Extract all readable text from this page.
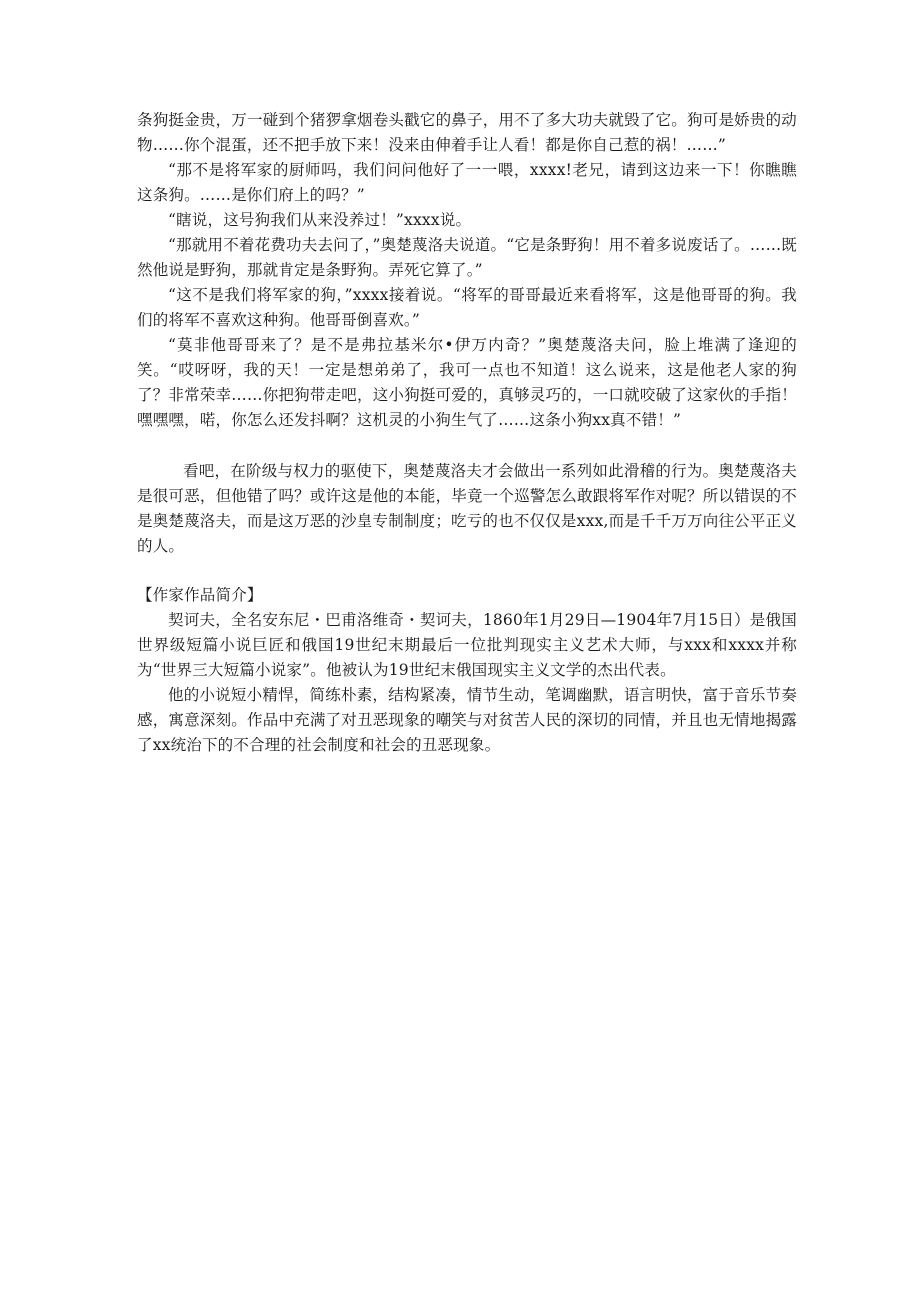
条狗挺金贵，万一碰到个猪猡拿烟卷头戳它的鼻子，用不了多大功夫就毁了它。狗可是娇贵的动物……你个混蛋，还不把手放下来！没来由伸着手让人看！都是你自己惹的祸！……”

“那不是将军家的厨师吗，我们问问他好了一一喂，xxxx!老兄，请到这边来一下！你瞧瞧这条狗。……是你们府上的吗？”

“瞎说，这号狗我们从来没养过！”xxxx说。

“那就用不着花费功夫去问了，”奥楚蔑洛夫说道。“它是条野狗！用不着多说废话了。……既然他说是野狗，那就肯定是条野狗。弄死它算了。”

“这不是我们将军家的狗，”xxxx接着说。“将军的哥哥最近来看将军，这是他哥哥的狗。我们的将军不喜欢这种狗。他哥哥倒喜欢。”

“莫非他哥哥来了？是不是弗拉基米尔•伊万内奇？”奥楚蔑洛夫问，脸上堆满了逢迎的笑。“哎呀呀，我的天！一定是想弟弟了，我可一点也不知道！这么说来，这是他老人家的狗了？非常荣幸……你把狗带走吧，这小狗挺可爱的，真够灵巧的，一口就咬破了这家伙的手指！嘿嘿嘿，喏，你怎么还发抖啊？这机灵的小狗生气了……这条小狗xx真不错！”

看吧，在阶级与权力的驱使下，奥楚蔑洛夫才会做出一系列如此滑稽的行为。奥楚蔑洛夫是很可恶，但他错了吗？或许这是他的本能，毕竟一个巡警怎么敢跟将军作对呢？所以错误的不是奥楚蔑洛夫，而是这万恶的沙皇专制制度；吃亏的也不仅仅是xxx,而是千千万万向往公平正义的人。

【作家作品简介】

契诃夫，全名安东尼・巴甫洛维奇・契诃夫，1860年1月29日—1904年7月15日）是俄国世界级短篇小说巨匠和俄国19世纪末期最后一位批判现实主义艺术大师，与xxx和xxxx并称为“世界三大短篇小说家”。他被认为19世纪末俄国现实主义文学的杰出代表。

他的小说短小精悍，简练朴素，结构紧凑，情节生动，笔调幽默，语言明快，富于音乐节奏感，寓意深刻。作品中充满了对丑恶现象的嘲笑与对贫苦人民的深切的同情，并且也无情地揭露了xx统治下的不合理的社会制度和社会的丑恶现象。
